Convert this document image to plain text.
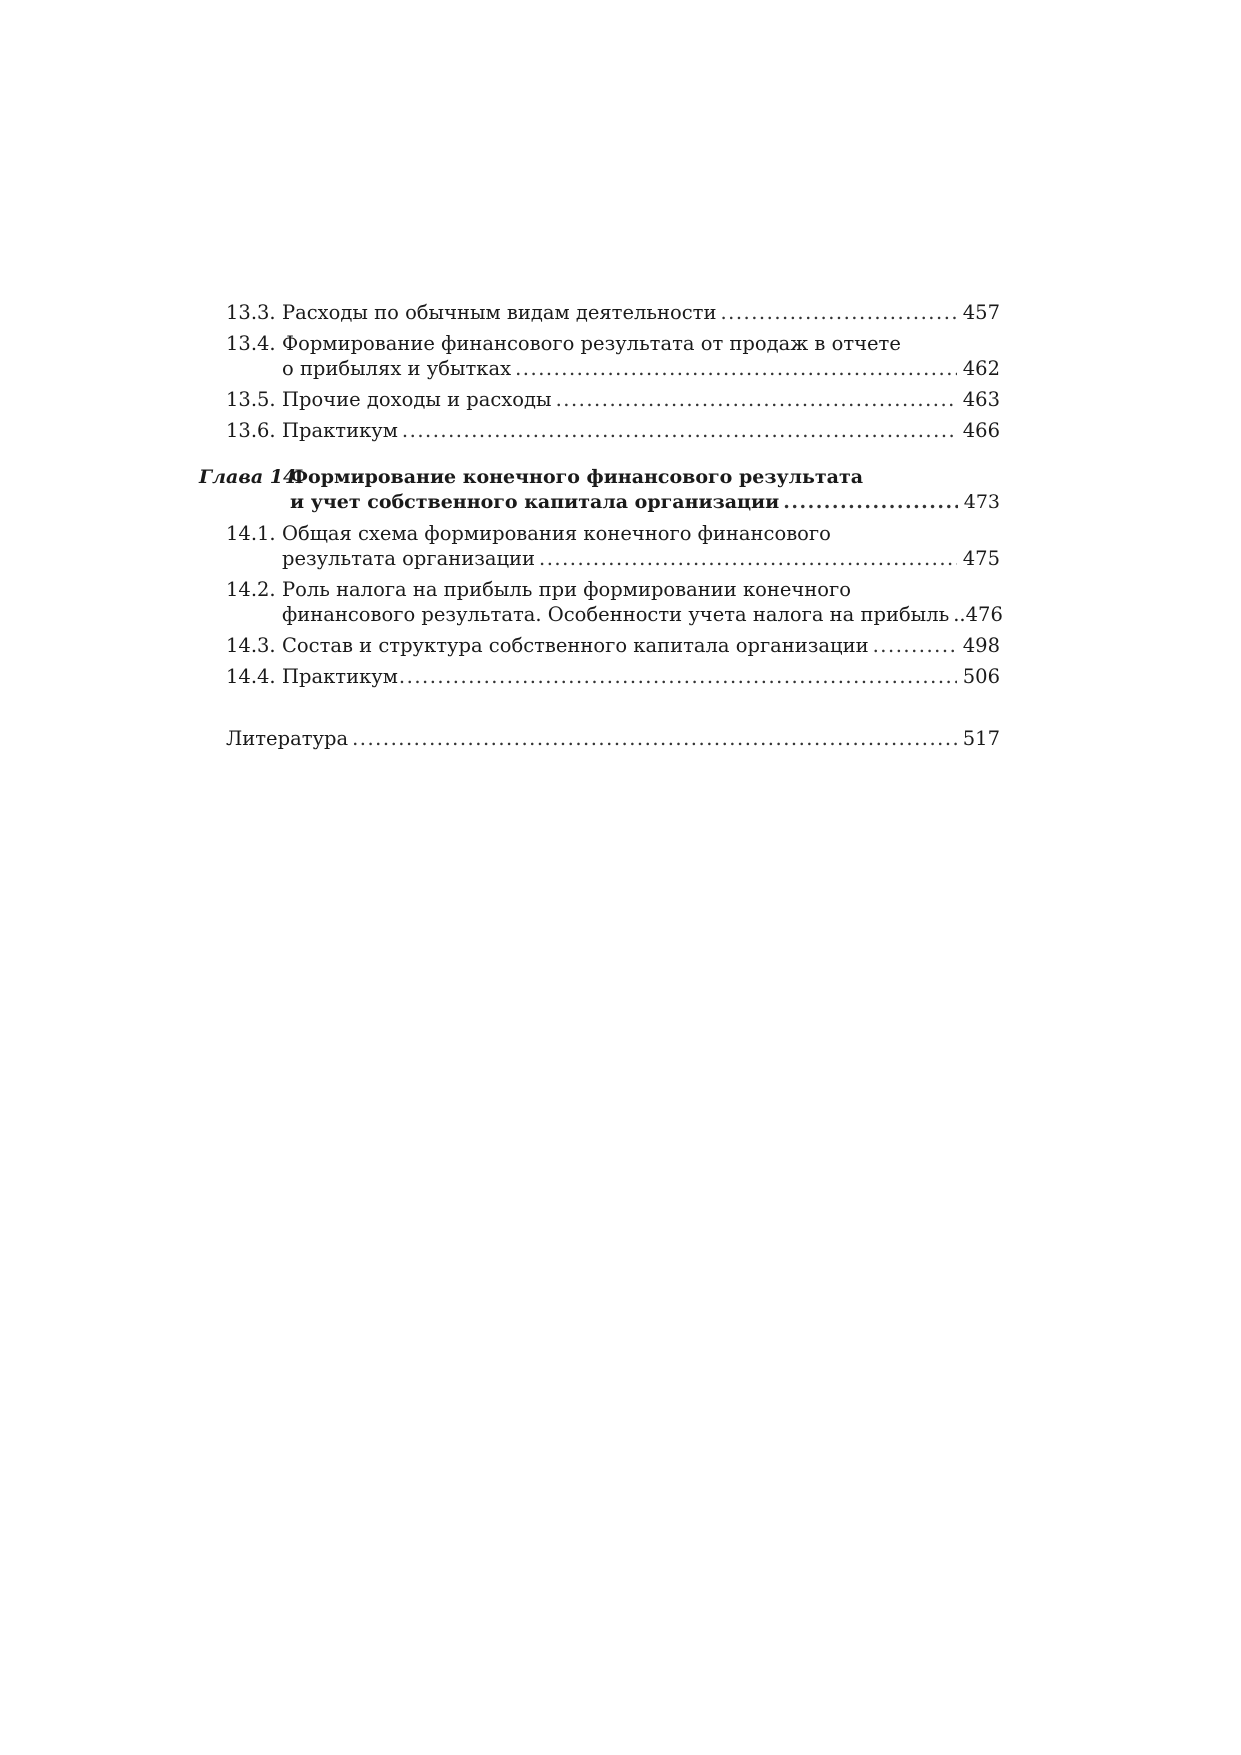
13.3. Расходы по обычным видам деятельности .....	457
13.4. Формирование финансового результата от продаж в отчете
о прибылях и убытках .....	462
13.5. Прочие доходы и расходы .....	463
13.6. Практикум .....	466
Глава 14.
Формирование конечного финансового результата
и учет собственного капитала организации .....	473
14.1. Общая схема формирования конечного финансового
результата организации .....	475
14.2. Роль налога на прибыль при формировании конечного
финансового результата. Особенности учета налога на прибыль .. 476
14.3. Состав и структура собственного капитала организации .....	498
14.4. Практикум .....	506
Литература .....	517
